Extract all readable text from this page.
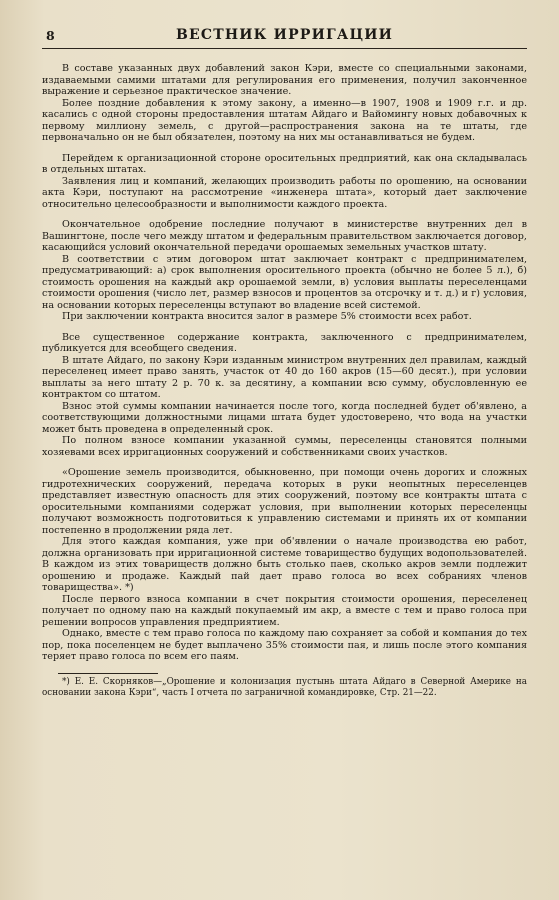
8	ВЕСТНИК ИРРИГАЦИИ

В составе указанных двух добавлений закон Кэри, вместе со специальными законами, издаваемыми самими штатами для регулирования его применения, получил законченное выражение и серьезное практическое значение.

Более поздние добавления к этому закону, а именно—в 1907, 1908 и 1909 г.г. и др. касались с одной стороны предоставления штатам Айдаго и Вайомингу новых добавочных к первому миллиону земель, с другой—распространения закона на те штаты, где первоначально он не был обязателен, поэтому на них мы останавливаться не будем.

Перейдем к организационной стороне оросительных предприятий, как она складывалась в отдельных штатах.

Заявления лиц и компаний, желающих производить работы по орошению, на основании акта Кэри, поступают на рассмотрение «инженера штата», который дает заключение относительно целесообразности и выполнимости каждого проекта.

Окончательное одобрение последние получают в министерстве внутренних дел в Вашингтоне, после чего между штатом и федеральным правительством заключается договор, касающийся условий окончательной передачи орошаемых земельных участков штату.

В соответствии с этим договором штат заключает контракт с предпринимателем, предусматривающий: а) срок выполнения оросительного проекта (обычно не более 5 л.), б) стоимость орошения на каждый акр орошаемой земли, в) условия выплаты переселенцами стоимости орошения (число лет, размер взносов и процентов за отсрочку и т. д.) и г) условия, на основании которых переселенцы вступают во владение всей системой.

При заключении контракта вносится залог в размере 5% стоимости всех работ.

Все существенное содержание контракта, заключенного с предпринимателем, публикуется для всеобщего сведения.

В штате Айдаго, по закону Кэри изданным министром внутренних дел правилам, каждый переселенец имеет право занять, участок от 40 до 160 акров (15—60 десят.), при условии выплаты за него штату 2 р. 70 к. за десятину, а компании всю сумму, обусловленную ее контрактом со штатом.

Взнос этой суммы компании начинается после того, когда последней будет об'явлено, а соответствующими должностными лицами штата будет удостоверено, что вода на участки может быть проведена в определенный срок.

По полном взносе компании указанной суммы, переселенцы становятся полными хозяевами всех ирригационных сооружений и собственниками своих участков.

«Орошение земель производится, обыкновенно, при помощи очень дорогих и сложных гидротехнических сооружений, передача которых в руки неопытных переселенцев представляет известную опасность для этих сооружений, поэтому все контракты штата с оросительными компаниями содержат условия, при выполнении которых переселенцы получают возможность подготовиться к управлению системами и принять их от компании постепенно в продолжении ряда лет.

Для этого каждая компания, уже при об'явлении о начале производства ею работ, должна организовать при ирригационной системе товарищество будущих водопользователей. В каждом из этих товариществ должно быть столько паев, сколько акров земли подлежит орошению и продаже. Каждый пай дает право голоса во всех собраниях членов товарищества». *)

После первого взноса компании в счет покрытия стоимости орошения, переселенец получает по одному паю на каждый покупаемый им акр, а вместе с тем и право голоса при решении вопросов управления предприятием.

Однако, вместе с тем право голоса по каждому паю сохраняет за собой и компания до тех пор, пока поселенцем не будет выплачено 35% стоимости пая, и лишь после этого компания теряет право голоса по всем его паям.

*) Е. Е. Скорняков—„Орошение и колонизация пустынь штата Айдаго в Северной Америке на основании закона Кэри“, часть I отчета по заграничной командировке, Стр. 21—22.
